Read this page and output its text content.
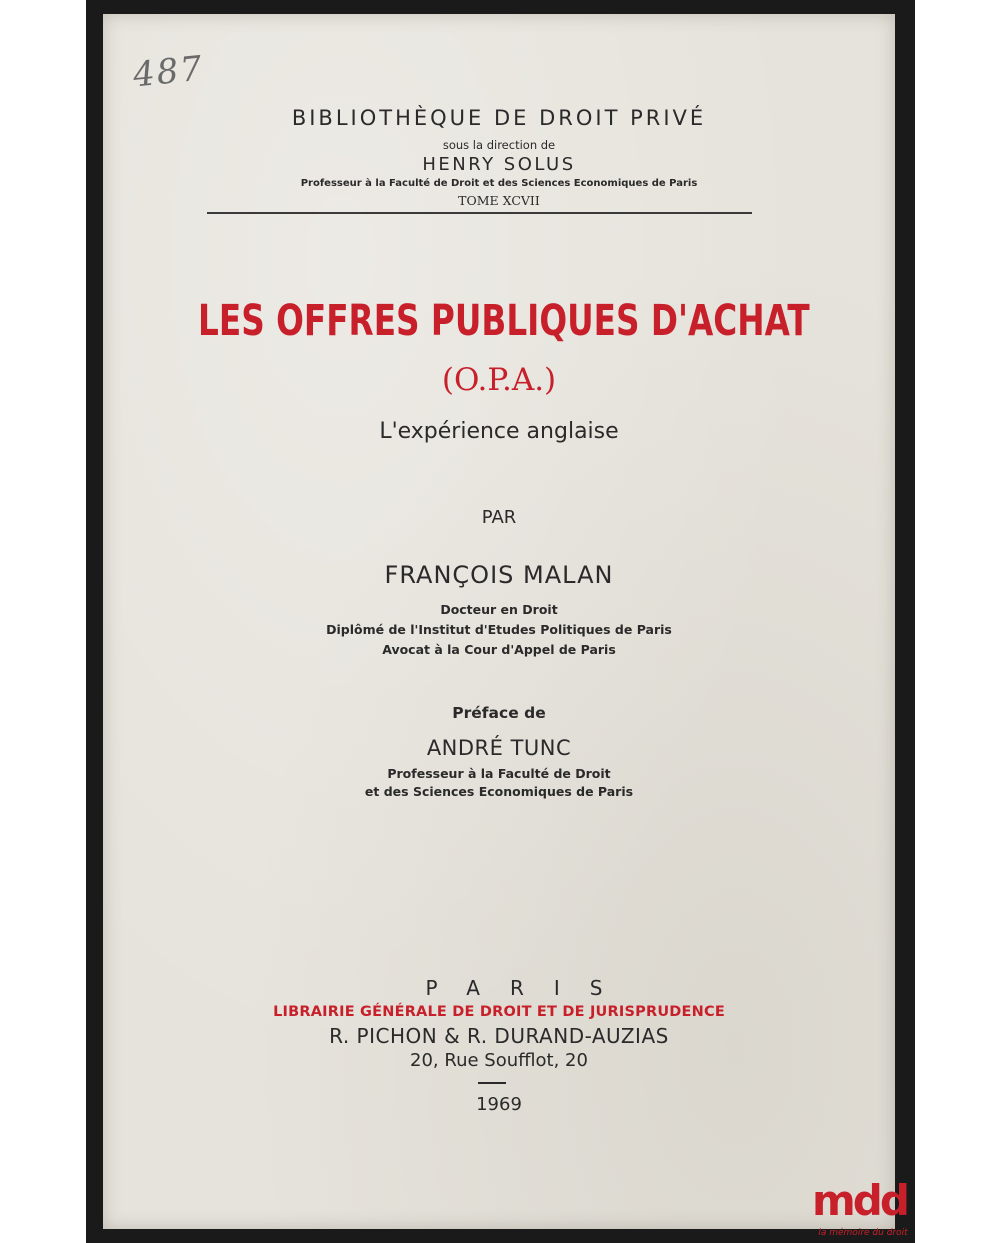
487
BIBLIOTHÈQUE DE DROIT PRIVÉ
sous la direction de
HENRY SOLUS
Professeur à la Faculté de Droit et des Sciences Economiques de Paris
TOME XCVII
LES OFFRES PUBLIQUES D'ACHAT
(O.P.A.)
L'expérience anglaise
PAR
FRANÇOIS MALAN
Docteur en Droit
Diplômé de l'Institut d'Etudes Politiques de Paris
Avocat à la Cour d'Appel de Paris
Préface de
ANDRÉ TUNC
Professeur à la Faculté de Droit
et des Sciences Economiques de Paris
PARIS
LIBRAIRIE GÉNÉRALE DE DROIT ET DE JURISPRUDENCE
R. PICHON & R. DURAND-AUZIAS
20, Rue Soufflot, 20
1969
mdd
la mémoire du droit
